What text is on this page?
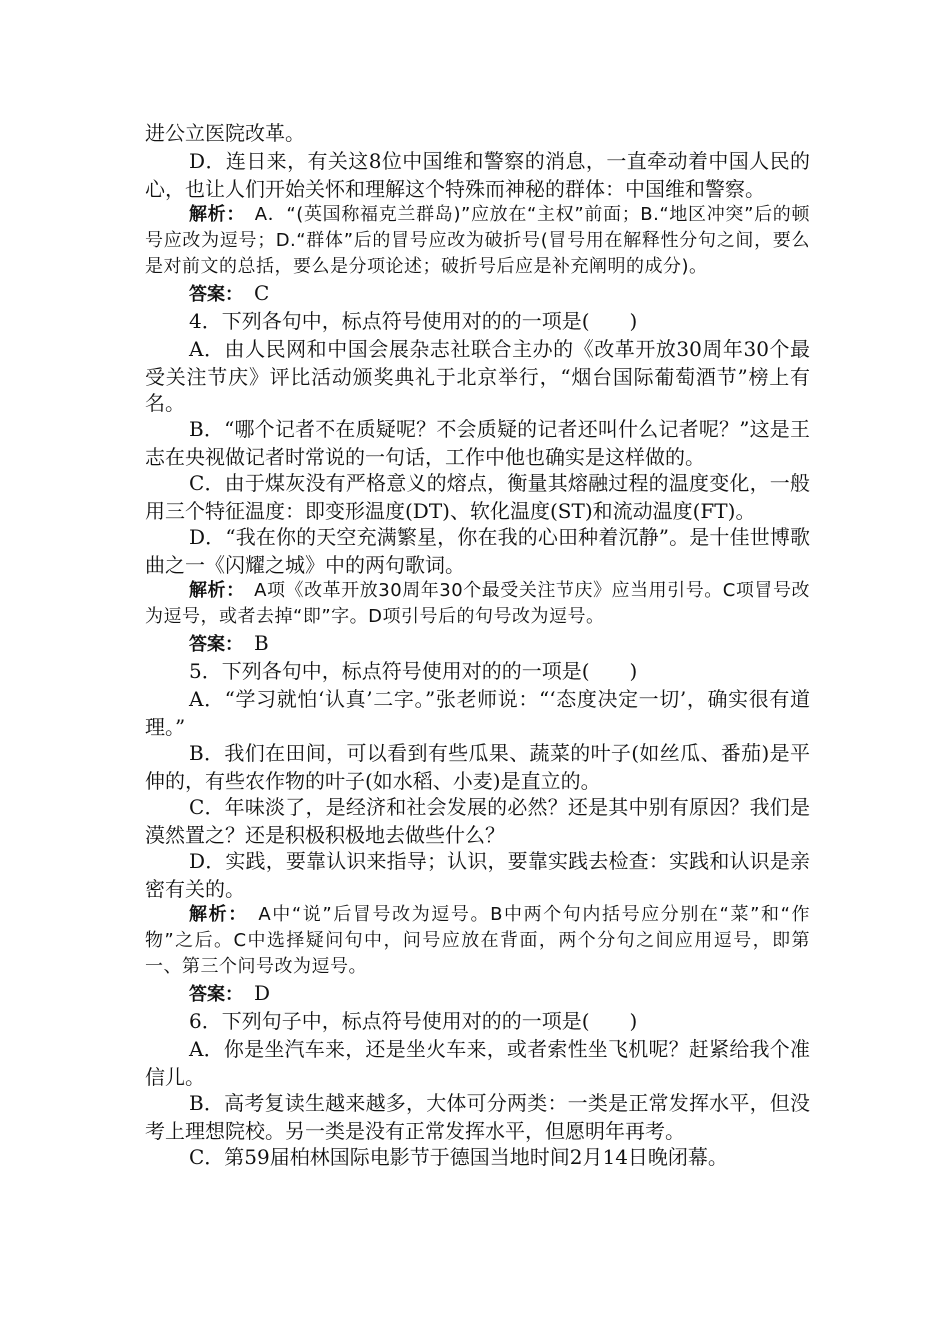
进公立医院改革。

D．连日来，有关这8位中国维和警察的消息，一直牵动着中国人民的心，也让人们开始关怀和理解这个特殊而神秘的群体：中国维和警察。

解析：　A．“(英国称福克兰群岛)”应放在“主权”前面；B.“地区冲突”后的顿号应改为逗号；D.“群体”后的冒号应改为破折号(冒号用在解释性分句之间，要么是对前文的总括，要么是分项论述；破折号后应是补充阐明的成分)。

答案：　C

4．下列各句中，标点符号使用对的的一项是(　　)

A．由人民网和中国会展杂志社联合主办的《改革开放30周年30个最受关注节庆》评比活动颁奖典礼于北京举行，“烟台国际葡萄酒节”榜上有名。

B．“哪个记者不在质疑呢？不会质疑的记者还叫什么记者呢？”这是王志在央视做记者时常说的一句话，工作中他也确实是这样做的。

C．由于煤灰没有严格意义的熔点，衡量其熔融过程的温度变化，一般用三个特征温度：即变形温度(DT)、软化温度(ST)和流动温度(FT)。

D．“我在你的天空充满繁星，你在我的心田种着沉静”。是十佳世博歌曲之一《闪耀之城》中的两句歌词。

解析：　A项《改革开放30周年30个最受关注节庆》应当用引号。C项冒号改为逗号，或者去掉“即”字。D项引号后的句号改为逗号。

答案：　B

5．下列各句中，标点符号使用对的的一项是(　　)

A．“学习就怕‘认真’二字。”张老师说：“‘态度决定一切’，确实很有道理。”

B．我们在田间，可以看到有些瓜果、蔬菜的叶子(如丝瓜、番茄)是平伸的，有些农作物的叶子(如水稻、小麦)是直立的。

C．年味淡了，是经济和社会发展的必然？还是其中别有原因？我们是漠然置之？还是积极积极地去做些什么？

D．实践，要靠认识来指导；认识，要靠实践去检查：实践和认识是亲密有关的。

解析：　A中“说”后冒号改为逗号。B中两个句内括号应分别在“菜”和“作物”之后。C中选择疑问句中，问号应放在背面，两个分句之间应用逗号，即第一、第三个问号改为逗号。

答案：　D

6．下列句子中，标点符号使用对的的一项是(　　)

A．你是坐汽车来，还是坐火车来，或者索性坐飞机呢？赶紧给我个准信儿。

B．高考复读生越来越多，大体可分两类：一类是正常发挥水平，但没考上理想院校。另一类是没有正常发挥水平，但愿明年再考。

C．第59届柏林国际电影节于德国当地时间2月14日晚闭幕。
